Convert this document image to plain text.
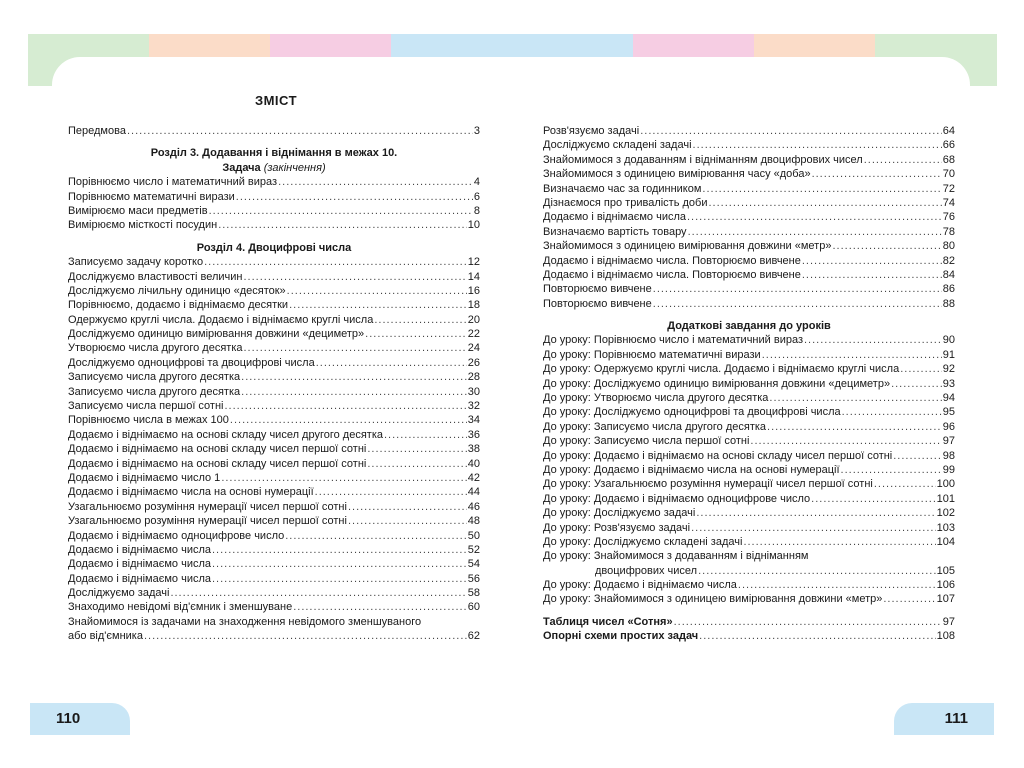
ЗМІСТ
Передмова .....	3
Розділ 3. Додавання і віднімання в межах 10.
Задача (закінчення)
Порівнюємо число і математичний вираз .....	4
Порівнюємо математичні вирази .....	6
Вимірюємо маси предметів .....	8
Вимірюємо місткості посудин .....	10
Розділ 4. Двоцифрові числа
Записуємо задачу коротко .....	12
Досліджуємо властивості величин .....	14
Досліджуємо лічильну одиницю «десяток» .....	16
Порівнюємо, додаємо і віднімаємо десятки .....	18
Одержуємо круглі числа. Додаємо і віднімаємо круглі числа .....	20
Досліджуємо одиницю вимірювання довжини «дециметр» .....	22
Утворюємо числа другого десятка .....	24
Досліджуємо одноцифрові та двоцифрові числа .....	26
Записуємо числа другого десятка .....	28
Записуємо числа другого десятка .....	30
Записуємо числа першої сотні .....	32
Порівнюємо числа в межах 100 .....	34
Додаємо і віднімаємо на основі складу чисел другого десятка .....	36
Додаємо і віднімаємо на основі складу чисел першої сотні .....	38
Додаємо і віднімаємо на основі складу чисел першої сотні .....	40
Додаємо і віднімаємо число 1 .....	42
Додаємо і віднімаємо числа на основі нумерації .....	44
Узагальнюємо розуміння нумерації чисел першої сотні .....	46
Узагальнюємо розуміння нумерації чисел першої сотні .....	48
Додаємо і віднімаємо одноцифрове число .....	50
Додаємо і віднімаємо числа .....	52
Додаємо і віднімаємо числа .....	54
Додаємо і віднімаємо числа .....	56
Досліджуємо задачі .....	58
Знаходимо невідомі від'ємник і зменшуване .....	60
Знайомимося із задачами на знаходження невідомого зменшуваного
або від'ємника .....	62
Розв'язуємо задачі .....	64
Досліджуємо складені задачі .....	66
Знайомимося з додаванням і відніманням двоцифрових чисел .....	68
Знайомимося з одиницею вимірювання часу «доба» .....	70
Визначаємо час за годинником .....	72
Дізнаємося про тривалість доби .....	74
Додаємо і віднімаємо числа .....	76
Визначаємо вартість товару .....	78
Знайомимося з одиницею вимірювання довжини «метр» .....	80
Додаємо і віднімаємо числа. Повторюємо вивчене .....	82
Додаємо і віднімаємо числа. Повторюємо вивчене .....	84
Повторюємо вивчене .....	86
Повторюємо вивчене .....	88
Додаткові завдання до уроків
До уроку: Порівнюємо число і математичний вираз .....	90
До уроку: Порівнюємо математичні вирази .....	91
До уроку: Одержуємо круглі числа. Додаємо і віднімаємо круглі числа .....	92
До уроку: Досліджуємо одиницю вимірювання довжини «дециметр» .....	93
До уроку: Утворюємо числа другого десятка .....	94
До уроку: Досліджуємо одноцифрові та двоцифрові числа .....	95
До уроку: Записуємо числа другого десятка .....	96
До уроку: Записуємо числа першої сотні .....	97
До уроку: Додаємо і віднімаємо на основі складу чисел першої сотні .....	98
До уроку: Додаємо і віднімаємо числа на основі нумерації .....	99
До уроку: Узагальнюємо розуміння нумерації чисел першої сотні .....	100
До уроку: Додаємо і віднімаємо одноцифрове число .....	101
До уроку: Досліджуємо задачі .....	102
До уроку: Розв'язуємо задачі .....	103
До уроку: Досліджуємо складені задачі .....	104
До уроку: Знайомимося з додаванням і відніманням
двоцифрових чисел .....	105
До уроку: Додаємо і віднімаємо числа .....	106
До уроку: Знайомимося з одиницею вимірювання довжини «метр» .....	107
Таблиця чисел «Сотня» .....	97
Опорні схеми простих задач .....	108
110	111
